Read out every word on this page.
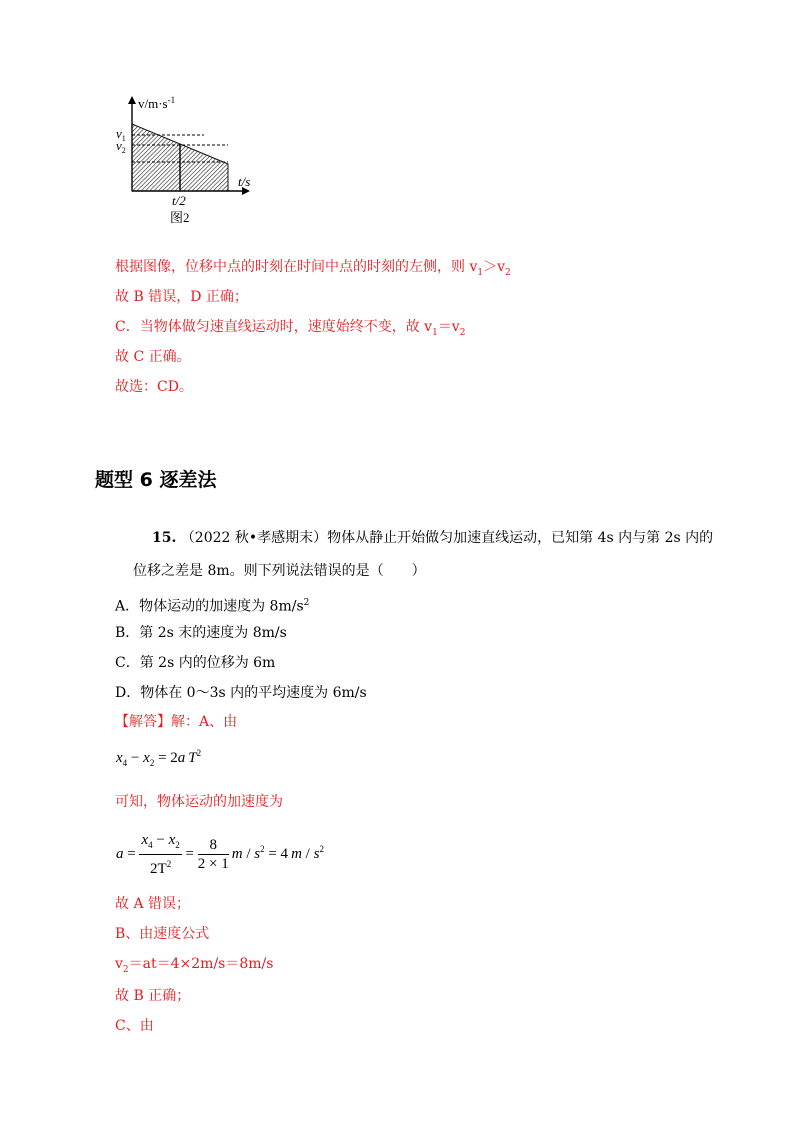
$v/m\cdot s^{-1}$
$v_1$
$v_2$
t/s
t/2
图2
根据图像，位移中点的时刻在时间中点的时刻的左侧，则 $v_1>v_2$
故 B 错误，D 正确；
C．当物体做匀速直线运动时，速度始终不变，故 $v_1=v_2$
故 C 正确。
故选：CD。
题型 6 逐差法
15. （2022 秋•孝感期末）物体从静止开始做匀加速直线运动，已知第 4s 内与第 2s 内的
位移之差是 8m。则下列说法错误的是（　　）
A．物体运动的加速度为 $8m/s^2$
B．第 2s 末的速度为 8m/s
C．第 2s 内的位移为 6m
D．物体在 0～3s 内的平均速度为 6m/s
【解答】解：A、由
$x_4 - x_2 = 2a$  $T^2$
可知，物体运动的加速度为
$a = \frac{x_4 - x_2}{2T^2} = \frac{8}{2 \times 1}$
  $m / s^2 = 4$  m / $s^2$
故 A 错误；
B、由速度公式
$v_2=at=4\times 2m/s=8m/s$
故 B 正确；
C、由
